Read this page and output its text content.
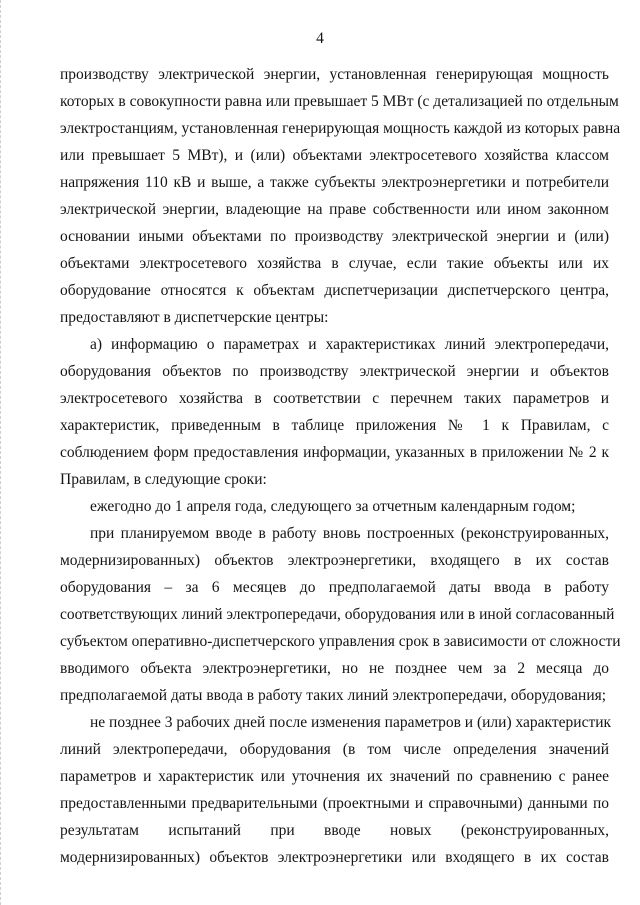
4
производству электрической энергии, установленная генерирующая мощность
которых в совокупности равна или превышает 5 МВт (с детализацией по отдельным
электростанциям, установленная генерирующая мощность каждой из которых равна
или превышает 5 МВт), и (или) объектами электросетевого хозяйства классом
напряжения 110 кВ и выше, а также субъекты электроэнергетики и потребители
электрической энергии, владеющие на праве собственности или ином законном
основании иными объектами по производству электрической энергии и (или)
объектами электросетевого хозяйства в случае, если такие объекты или их
оборудование относятся к объектам диспетчеризации диспетчерского центра,
предоставляют в диспетчерские центры:
а) информацию о параметрах и характеристиках линий электропередачи,
оборудования объектов по производству электрической энергии и объектов
электросетевого хозяйства в соответствии с перечнем таких параметров и
характеристик, приведенным в таблице приложения № 1 к Правилам, с
соблюдением форм предоставления информации, указанных в приложении № 2 к
Правилам, в следующие сроки:
ежегодно до 1 апреля года, следующего за отчетным календарным годом;
при планируемом вводе в работу вновь построенных (реконструированных,
модернизированных) объектов электроэнергетики, входящего в их состав
оборудования – за 6 месяцев до предполагаемой даты ввода в работу
соответствующих линий электропередачи, оборудования или в иной согласованный
субъектом оперативно-диспетчерского управления срок в зависимости от сложности
вводимого объекта электроэнергетики, но не позднее чем за 2 месяца до
предполагаемой даты ввода в работу таких линий электропередачи, оборудования;
не позднее 3 рабочих дней после изменения параметров и (или) характеристик
линий электропередачи, оборудования (в том числе определения значений
параметров и характеристик или уточнения их значений по сравнению с ранее
предоставленными предварительными (проектными и справочными) данными по
результатам испытаний при вводе новых (реконструированных,
модернизированных) объектов электроэнергетики или входящего в их состав
